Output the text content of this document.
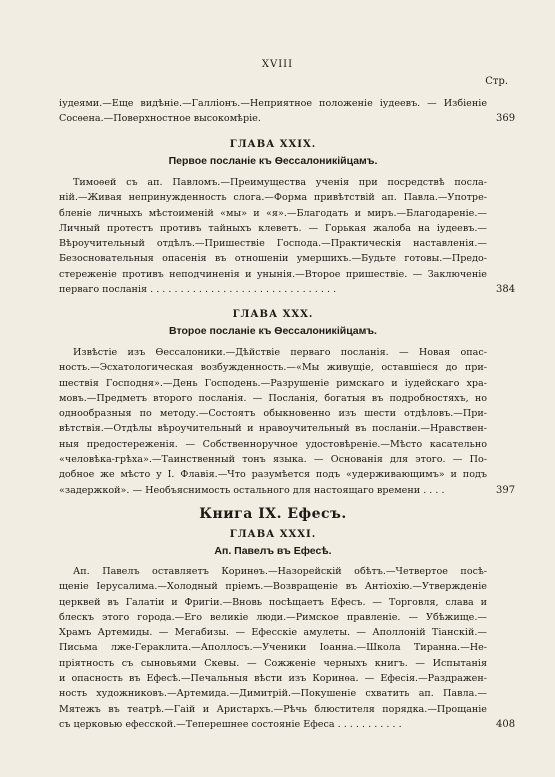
XVIII
Стр.
іудеями.—Еще видѣніе.—Галліонъ.—Неприятное положеніе іудеевъ. — Избіеніе
Сосѳена.—Поверхностное высокомѣріе.	369
ГЛАВА XXIX.
Первое посланіе къ Ѳессалоникійцамъ.
Тимоѳей съ ап. Павломъ.—Преимущества ученія при посредствѣ посла-
ній.—Живая непринужденность слога.—Форма привѣтствій ап. Павла.—Употре-
бленіе личныхъ мѣстоименій «мы» и «я».—Благодать и миръ.—Благодареніе.—
Личный протестъ противъ тайныхъ клеветъ. — Горькая жалоба на іудеевъ.—
Вѣроучительный отдѣлъ.—Пришествіе Господа.—Практическія наставленія.—
Безосновательныя опасенія въ отношеніи умершихъ.—Будьте готовы.—Предо-
стереженіе противъ неподчиненія и унынія.—Второе пришествіе. — Заключеніе
перваго посланія . . . . . . . . . . . . . . . . . . . . . . . . . . . . . . .	384
ГЛАВА XXX.
Второе посланіе къ Ѳессалоникійцамъ.
Извѣстіе изъ Ѳессалоники.—Дѣйствіе перваго посланія. — Новая опас-
ность.—Эсхатологическая возбужденность.—«Мы живущіе, оставшіеся до при-
шествія Господня».—День Господень.—Разрушеніе римскаго и іудейскаго хра-
мовъ.—Предметъ второго посланія. — Посланія, богатыя въ подробностяхъ, но
однообразныя по методу.—Состоятъ обыкновенно изъ шести отдѣловъ.—При-
вѣтствія.—Отдѣлы вѣроучительный и нравоучительный въ посланіи.—Нравствен-
ныя предостереженія. — Собственноручное удостовѣреніе.—Мѣсто касательно
«человѣка-грѣха».—Таинственный тонъ языка. — Основанія для этого. — По-
добное же мѣсто у І. Флавія.—Что разумѣется подъ «удерживающимъ» и подъ
«задержкой». — Необъяснимость остального для настоящаго времени . . . .	397
Книга IX. Ефесъ.
ГЛАВА XXXI.
Ап. Павелъ въ Ефесѣ.
Ап. Павелъ оставляетъ Коринѳъ.—Назорейскій обѣтъ.—Четвертое посѣ-
щеніе Іерусалима.—Холодный пріемъ.—Возвращеніе въ Антіохію.—Утвержденіе
церквей въ Галатіи и Фригіи.—Вновь посѣщаетъ Ефесъ. — Торговля, слава и
блескъ этого города.—Его великіе люди.—Римское правленіе. — Убѣжище.—
Храмъ Артемиды. — Мегабизы. — Ефесскіе амулеты. — Аполлоній Тіанскій.—
Письма лже-Гераклита.—Аполлосъ.—Ученики Іоанна.—Школа Тиранна.—Не-
пріятность съ сыновьями Скевы. — Сожженіе черныхъ книгъ. — Испытанія
и опасность въ Ефесѣ.—Печальныя вѣсти изъ Коринѳа. — Ефесія.—Раздражен-
ность художниковъ.—Артемида.—Димитрій.—Покушеніе схватить ап. Павла.—
Мятежъ въ театрѣ.—Гаій и Аристархъ.—Рѣчь блюстителя порядка.—Прощаніе
съ церковью ефесской.—Теперешнее состояніе Ефеса . . . . . . . . . . .	408
